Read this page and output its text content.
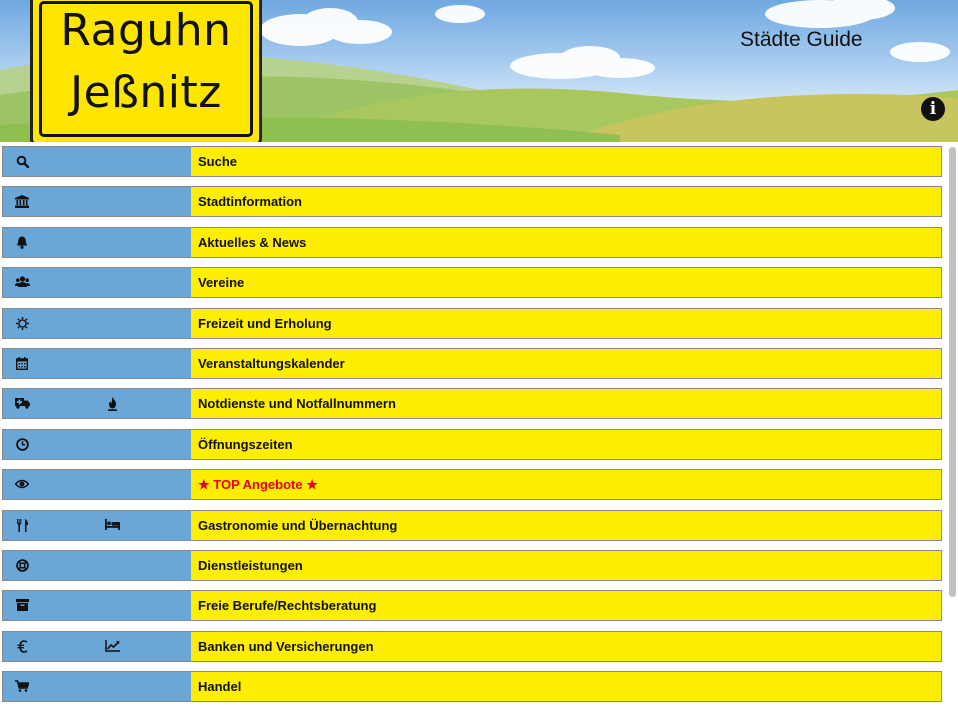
Raguhn
Jeßnitz
Städte Guide
i
Suche
Stadtinformation
Aktuelles & News
Vereine
Freizeit und Erholung
Veranstaltungskalender
Notdienste und Notfallnummern
Öffnungszeiten
★ TOP Angebote ★
Gastronomie und Übernachtung
Dienstleistungen
Freie Berufe/Rechtsberatung
Banken und Versicherungen
Handel
